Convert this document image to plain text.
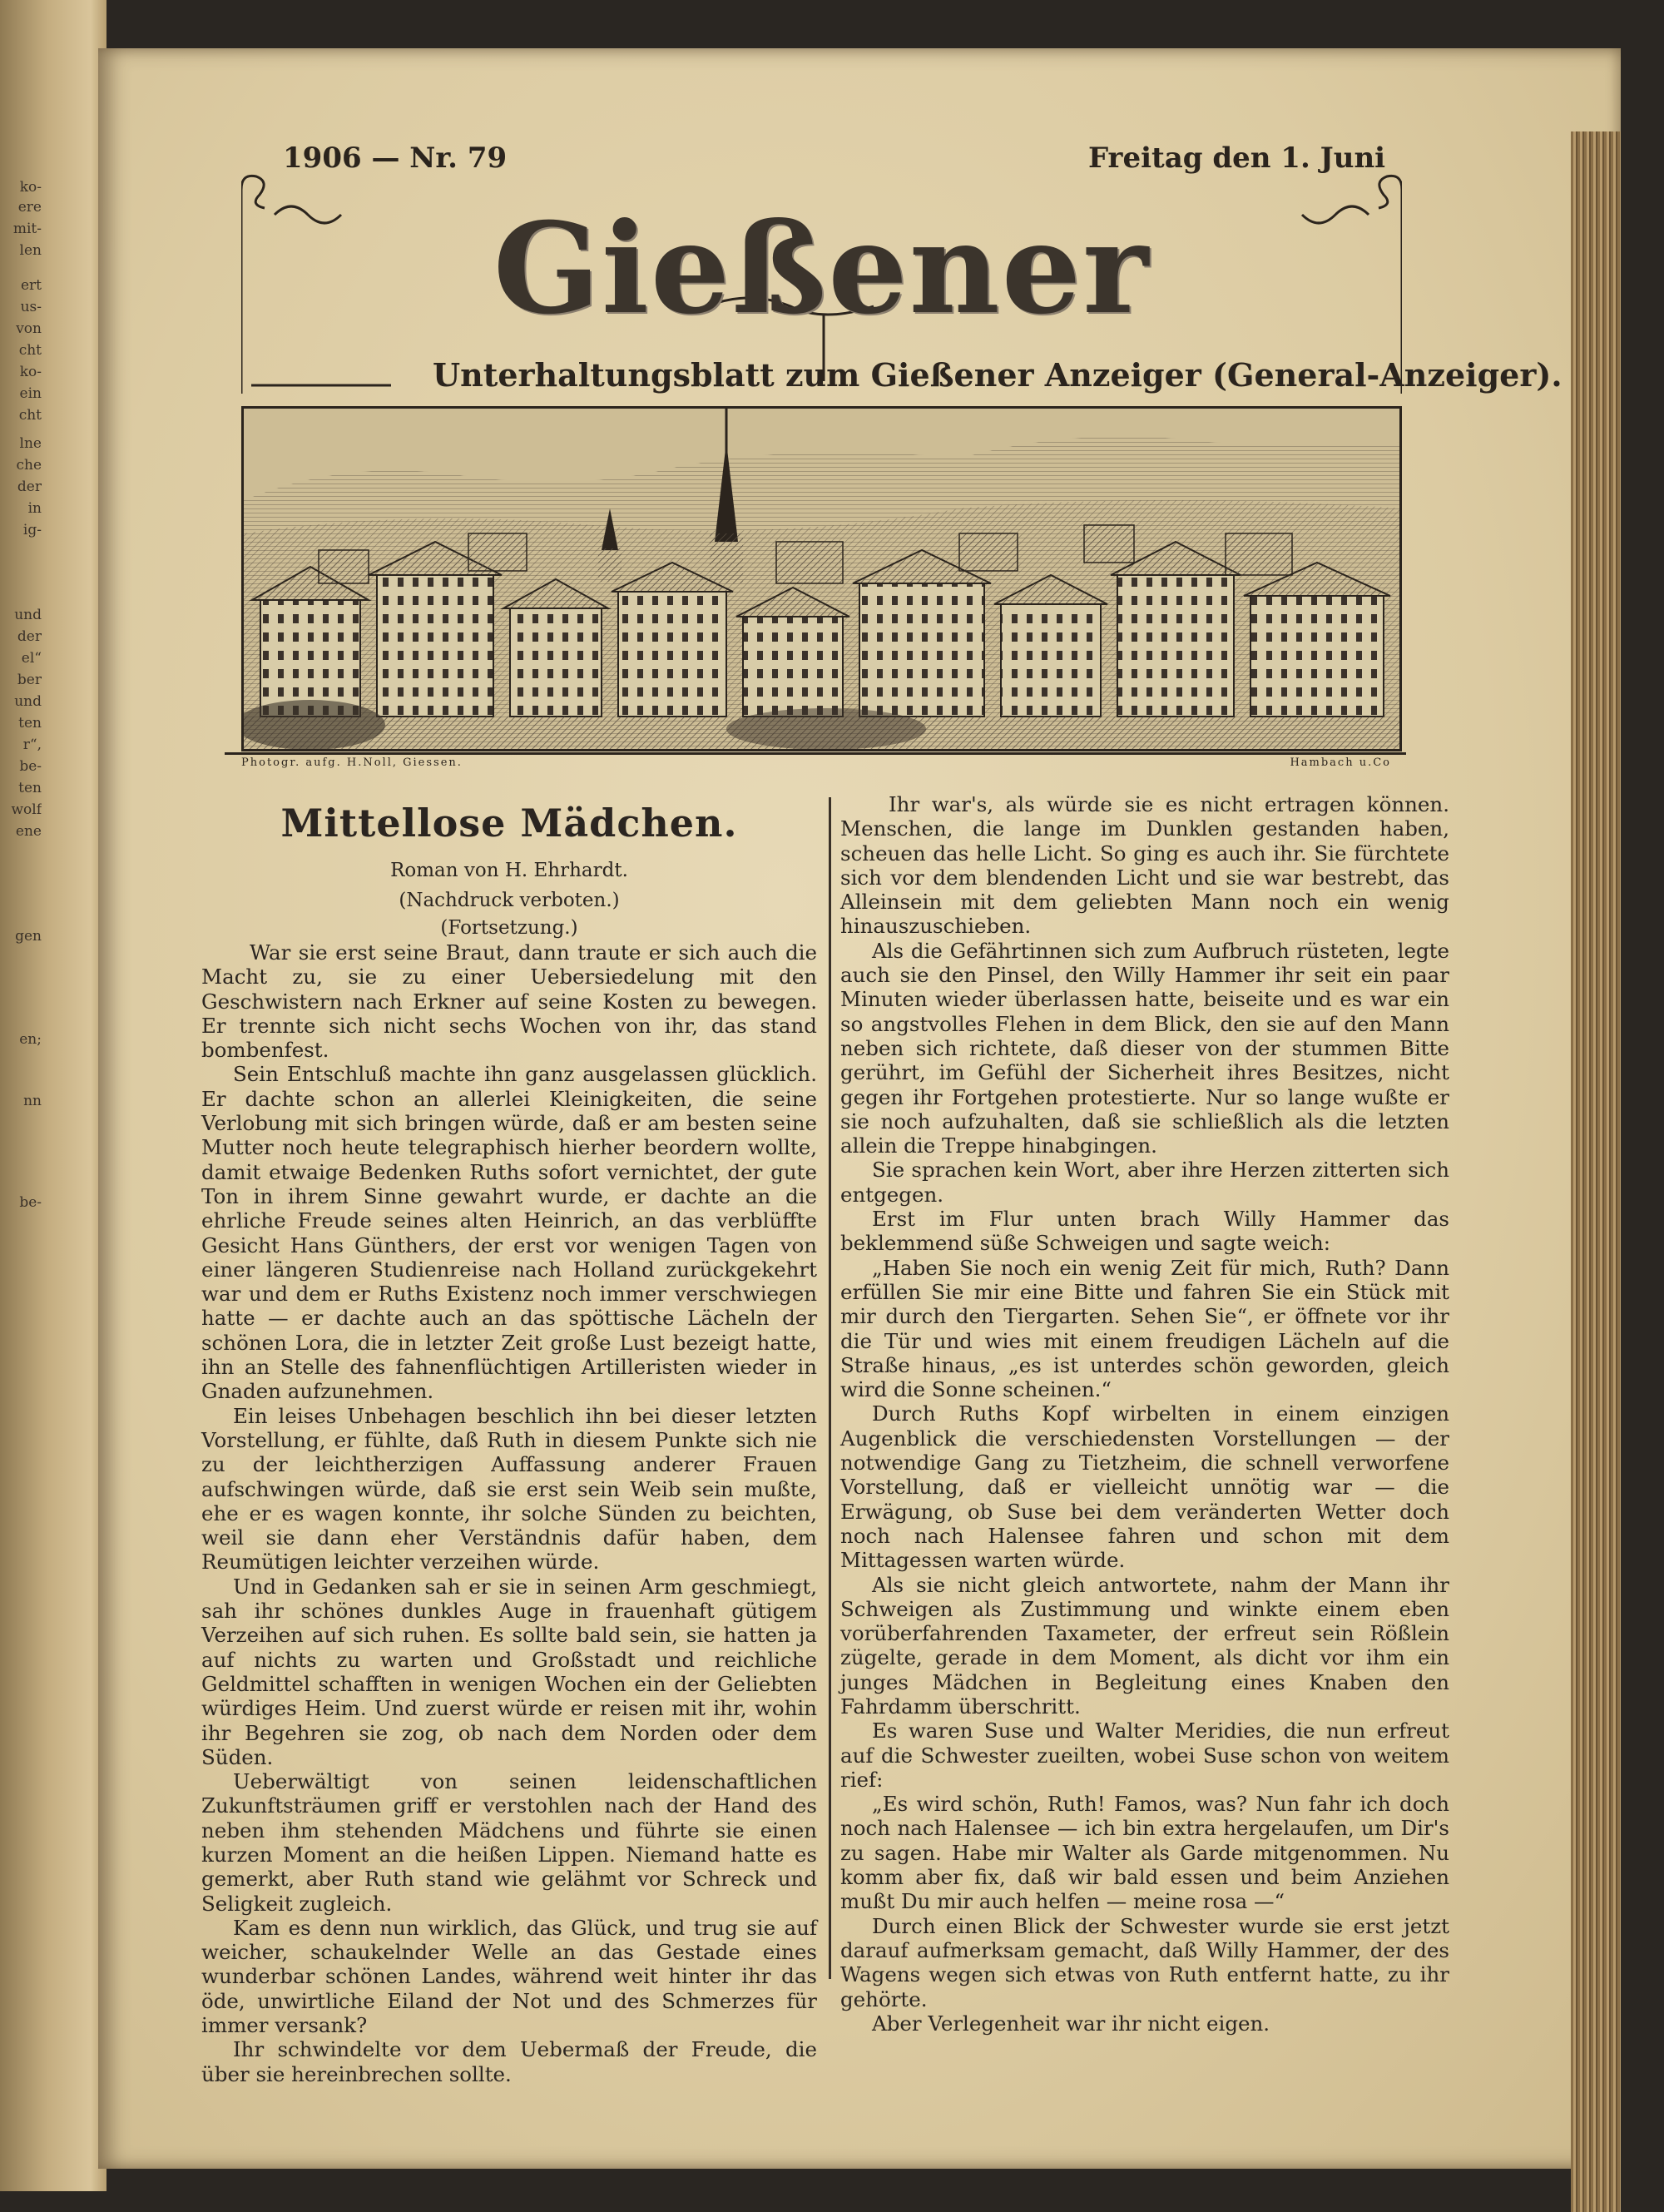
ko-
ere
mit-
len
ert
us-
von
cht
ko-
ein
cht
lne
che
der
in
ig-
und
der
el“
ber
und
ten
r“,
be-
ten
wolf
ene
gen
en;
nn
be-
1906 — Nr. 79	Freitag den 1. Juni
Gießener
Unterhaltungsblatt zum Gießener Anzeiger (General-Anzeiger).
Photogr. aufg. H.Noll, Giessen.	Hambach u.Co
Mittellose Mädchen.

Roman von H. Ehrhardt.

(Nachdruck verboten.)

(Fortsetzung.)

War sie erst seine Braut, dann traute er sich auch die Macht zu, sie zu einer Uebersiedelung mit den Geschwistern nach Erkner auf seine Kosten zu bewegen. Er trennte sich nicht sechs Wochen von ihr, das stand bombenfest.

Sein Entschluß machte ihn ganz ausgelassen glücklich. Er dachte schon an allerlei Kleinigkeiten, die seine Verlobung mit sich bringen würde, daß er am besten seine Mutter noch heute telegraphisch hierher beordern wollte, damit etwaige Bedenken Ruths sofort vernichtet, der gute Ton in ihrem Sinne gewahrt wurde, er dachte an die ehrliche Freude seines alten Heinrich, an das verblüffte Gesicht Hans Günthers, der erst vor wenigen Tagen von einer längeren Studienreise nach Holland zurückgekehrt war und dem er Ruths Existenz noch immer verschwiegen hatte — er dachte auch an das spöttische Lächeln der schönen Lora, die in letzter Zeit große Lust bezeigt hatte, ihn an Stelle des fahnenflüchtigen Artilleristen wieder in Gnaden aufzunehmen.

Ein leises Unbehagen beschlich ihn bei dieser letzten Vorstellung, er fühlte, daß Ruth in diesem Punkte sich nie zu der leichtherzigen Auffassung anderer Frauen aufschwingen würde, daß sie erst sein Weib sein mußte, ehe er es wagen konnte, ihr solche Sünden zu beichten, weil sie dann eher Verständnis dafür haben, dem Reumütigen leichter verzeihen würde.

Und in Gedanken sah er sie in seinen Arm geschmiegt, sah ihr schönes dunkles Auge in frauenhaft gütigem Verzeihen auf sich ruhen. Es sollte bald sein, sie hatten ja auf nichts zu warten und Großstadt und reichliche Geldmittel schafften in wenigen Wochen ein der Geliebten würdiges Heim. Und zuerst würde er reisen mit ihr, wohin ihr Begehren sie zog, ob nach dem Norden oder dem Süden.

Ueberwältigt von seinen leidenschaftlichen Zukunftsträumen griff er verstohlen nach der Hand des neben ihm stehenden Mädchens und führte sie einen kurzen Moment an die heißen Lippen. Niemand hatte es gemerkt, aber Ruth stand wie gelähmt vor Schreck und Seligkeit zugleich.

Kam es denn nun wirklich, das Glück, und trug sie auf weicher, schaukelnder Welle an das Gestade eines wunderbar schönen Landes, während weit hinter ihr das öde, unwirtliche Eiland der Not und des Schmerzes für immer versank?

Ihr schwindelte vor dem Uebermaß der Freude, die über sie hereinbrechen sollte.

Ihr war's, als würde sie es nicht ertragen können. Menschen, die lange im Dunklen gestanden haben, scheuen das helle Licht. So ging es auch ihr. Sie fürchtete sich vor dem blendenden Licht und sie war bestrebt, das Alleinsein mit dem geliebten Mann noch ein wenig hinauszuschieben.

Als die Gefährtinnen sich zum Aufbruch rüsteten, legte auch sie den Pinsel, den Willy Hammer ihr seit ein paar Minuten wieder überlassen hatte, beiseite und es war ein so angstvolles Flehen in dem Blick, den sie auf den Mann neben sich richtete, daß dieser von der stummen Bitte gerührt, im Gefühl der Sicherheit ihres Besitzes, nicht gegen ihr Fortgehen protestierte. Nur so lange wußte er sie noch aufzuhalten, daß sie schließlich als die letzten allein die Treppe hinabgingen.

Sie sprachen kein Wort, aber ihre Herzen zitterten sich entgegen.

Erst im Flur unten brach Willy Hammer das beklemmend süße Schweigen und sagte weich:

„Haben Sie noch ein wenig Zeit für mich, Ruth? Dann erfüllen Sie mir eine Bitte und fahren Sie ein Stück mit mir durch den Tiergarten. Sehen Sie“, er öffnete vor ihr die Tür und wies mit einem freudigen Lächeln auf die Straße hinaus, „es ist unterdes schön geworden, gleich wird die Sonne scheinen.“

Durch Ruths Kopf wirbelten in einem einzigen Augenblick die verschiedensten Vorstellungen — der notwendige Gang zu Tietzheim, die schnell verworfene Vorstellung, daß er vielleicht unnötig war — die Erwägung, ob Suse bei dem veränderten Wetter doch noch nach Halensee fahren und schon mit dem Mittagessen warten würde.

Als sie nicht gleich antwortete, nahm der Mann ihr Schweigen als Zustimmung und winkte einem eben vorüberfahrenden Taxameter, der erfreut sein Rößlein zügelte, gerade in dem Moment, als dicht vor ihm ein junges Mädchen in Begleitung eines Knaben den Fahrdamm überschritt.

Es waren Suse und Walter Meridies, die nun erfreut auf die Schwester zueilten, wobei Suse schon von weitem rief:

„Es wird schön, Ruth! Famos, was? Nun fahr ich doch noch nach Halensee — ich bin extra hergelaufen, um Dir's zu sagen. Habe mir Walter als Garde mitgenommen. Nu komm aber fix, daß wir bald essen und beim Anziehen mußt Du mir auch helfen — meine rosa —“

Durch einen Blick der Schwester wurde sie erst jetzt darauf aufmerksam gemacht, daß Willy Hammer, der des Wagens wegen sich etwas von Ruth entfernt hatte, zu ihr gehörte.

Aber Verlegenheit war ihr nicht eigen.
